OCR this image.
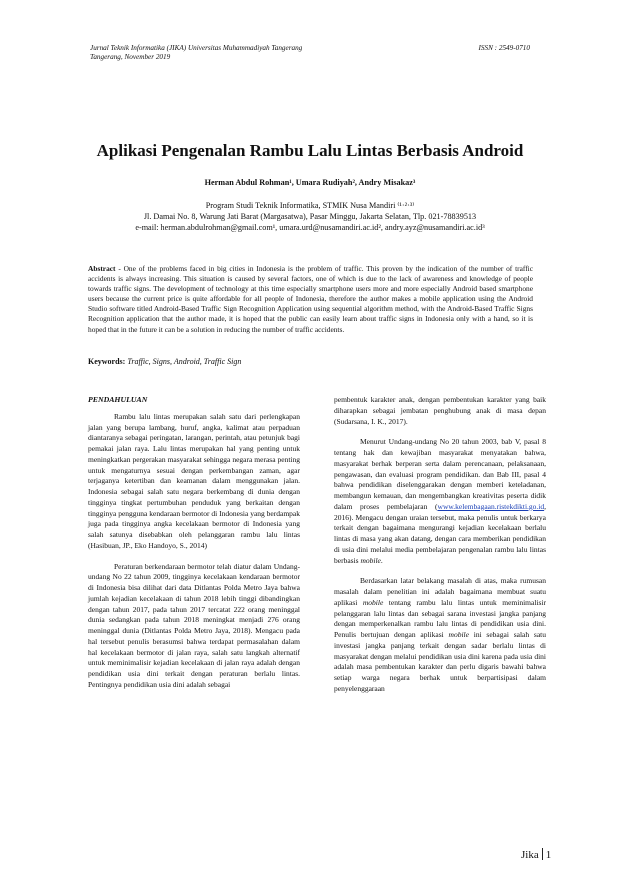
Jurnal Teknik Informatika (JIKA) Universitas Muhammadiyah Tangerang	ISSN : 2549-0710
Tangerang, November 2019
Aplikasi Pengenalan Rambu Lalu Lintas Berbasis Android
Herman Abdul Rohman¹, Umara Rudiyah², Andry Misakaz³
Program Studi Teknik Informatika, STMIK Nusa Mandiri ⁽¹·²·³⁾
Jl. Damai No. 8, Warung Jati Barat (Margasatwa), Pasar Minggu, Jakarta Selatan, Tlp. 021-78839513
e-mail: herman.abdulrohman@gmail.com¹, umara.urd@nusamandiri.ac.id², andry.ayz@nusamandiri.ac.id³
Abstract - One of the problems faced in big cities in Indonesia is the problem of traffic. This proven by the indication of the number of traffic accidents is always increasing. This situation is caused by several factors, one of which is due to the lack of awareness and knowledge of people towards traffic signs. The development of technology at this time especially smartphone users more and more especially Android based smartphone users because the current price is quite affordable for all people of Indonesia, therefore the author makes a mobile application using the Android Studio software titled Android-Based Traffic Sign Recognition Application using sequential algorithm method, with the Android-Based Traffic Signs Recognition application that the author made, it is hoped that the public can easily learn about traffic signs in Indonesia only with a hand, so it is hoped that in the future it can be a solution in reducing the number of traffic accidents.
Keywords: Traffic, Signs, Android, Traffic Sign
PENDAHULUAN

Rambu lalu lintas merupakan salah satu dari perlengkapan jalan yang berupa lambang, huruf, angka, kalimat atau perpaduan diantaranya sebagai peringatan, larangan, perintah, atau petunjuk bagi pemakai jalan raya. Lalu lintas merupakan hal yang penting untuk meningkatkan pergerakan masyarakat sehingga negara merasa penting untuk mengaturnya sesuai dengan perkembangan zaman, agar terjaganya ketertiban dan keamanan dalam menggunakan jalan. Indonesia sebagai salah satu negara berkembang di dunia dengan tingginya tingkat pertumbuhan penduduk yang berkaitan dengan tingginya pengguna kendaraan bermotor di Indonesia yang berdampak juga pada tingginya angka kecelakaan bermotor di Indonesia yang salah satunya disebabkan oleh pelanggaran rambu lalu lintas (Hasibuan, JP., Eko Handoyo, S., 2014)

Peraturan berkendaraan bermotor telah diatur dalam Undang-undang No 22 tahun 2009, tingginya kecelakaan kendaraan bermotor di Indonesia bisa dilihat dari data Ditlantas Polda Metro Jaya bahwa jumlah kejadian kecelakaan di tahun 2018 lebih tinggi dibandingkan dengan tahun 2017, pada tahun 2017 tercatat 222 orang meninggal dunia sedangkan pada tahun 2018 meningkat menjadi 276 orang meninggal dunia (Ditlantas Polda Metro Jaya, 2018). Mengacu pada hal tersebut penulis berasumsi bahwa terdapat permasalahan dalam hal kecelakaan bermotor di jalan raya, salah satu langkah alternatif untuk meminimalisir kejadian kecelakaan di jalan raya adalah dengan pendidikan usia dini terkait dengan peraturan berlalu lintas. Pentingnya pendidikan usia dini adalah sebagai

pembentuk karakter anak, dengan pembentukan karakter yang baik diharapkan sebagai jembatan penghubung anak di masa depan (Sudarsana, I. K., 2017).

Menurut Undang-undang No 20 tahun 2003, bab V, pasal 8 tentang hak dan kewajiban masyarakat menyatakan bahwa, masyarakat berhak berperan serta dalam perencanaan, pelaksanaan, pengawasan, dan evaluasi program pendidikan. dan Bab III, pasal 4 bahwa pendidikan diselenggarakan dengan memberi keteladanan, membangun kemauan, dan mengembangkan kreativitas peserta didik dalam proses pembelajaran (www.kelembagaan.ristekdikti.go.id, 2016). Mengacu dengan uraian tersebut, maka penulis untuk berkarya terkait dengan bagaimana mengurangi kejadian kecelakaan berlalu lintas di masa yang akan datang, dengan cara memberikan pendidikan di usia dini melalui media pembelajaran pengenalan rambu lalu lintas berbasis mobile.

Berdasarkan latar belakang masalah di atas, maka rumusan masalah dalam penelitian ini adalah bagaimana membuat suatu aplikasi mobile tentang rambu lalu lintas untuk meminimalisir pelanggaran lalu lintas dan sebagai sarana investasi jangka panjang dengan memperkenalkan rambu lalu lintas di pendidikan usia dini. Penulis bertujuan dengan aplikasi mobile ini sebagai salah satu investasi jangka panjang terkait dengan sadar berlalu lintas di masyarakat dengan melalui pendidikan usia dini karena pada usia dini adalah masa pembentukan karakter dan perlu digaris bawahi bahwa setiap warga negara berhak untuk berpartisipasi dalam penyelenggaraan

Jika 1
